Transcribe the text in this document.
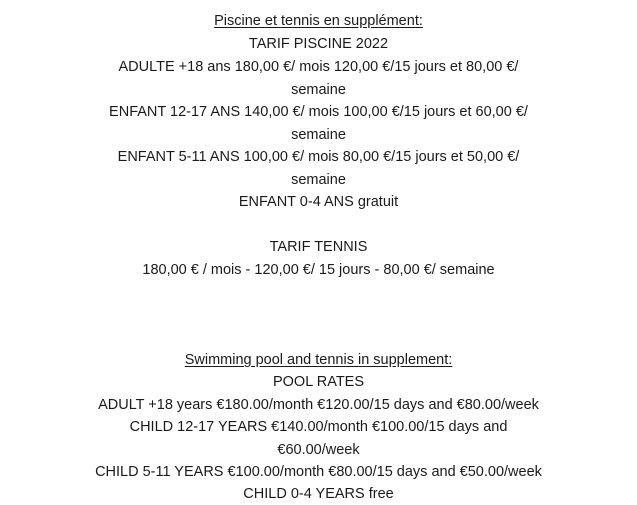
Piscine et tennis en supplément:
TARIF PISCINE 2022
ADULTE +18 ans 180,00 €/ mois 120,00 €/15 jours et 80,00 €/
semaine
ENFANT 12-17 ANS 140,00 €/ mois 100,00 €/15 jours et 60,00 €/
semaine
ENFANT 5-11 ANS 100,00 €/ mois 80,00 €/15 jours et 50,00 €/
semaine
ENFANT 0-4 ANS gratuit
TARIF TENNIS
180,00 € / mois - 120,00 €/ 15 jours - 80,00 €/ semaine
Swimming pool and tennis in supplement:
POOL RATES
ADULT +18 years €180.00/month €120.00/15 days and €80.00/week
CHILD 12-17 YEARS €140.00/month €100.00/15 days and
€60.00/week
CHILD 5-11 YEARS €100.00/month €80.00/15 days and €50.00/week
CHILD 0-4 YEARS free
